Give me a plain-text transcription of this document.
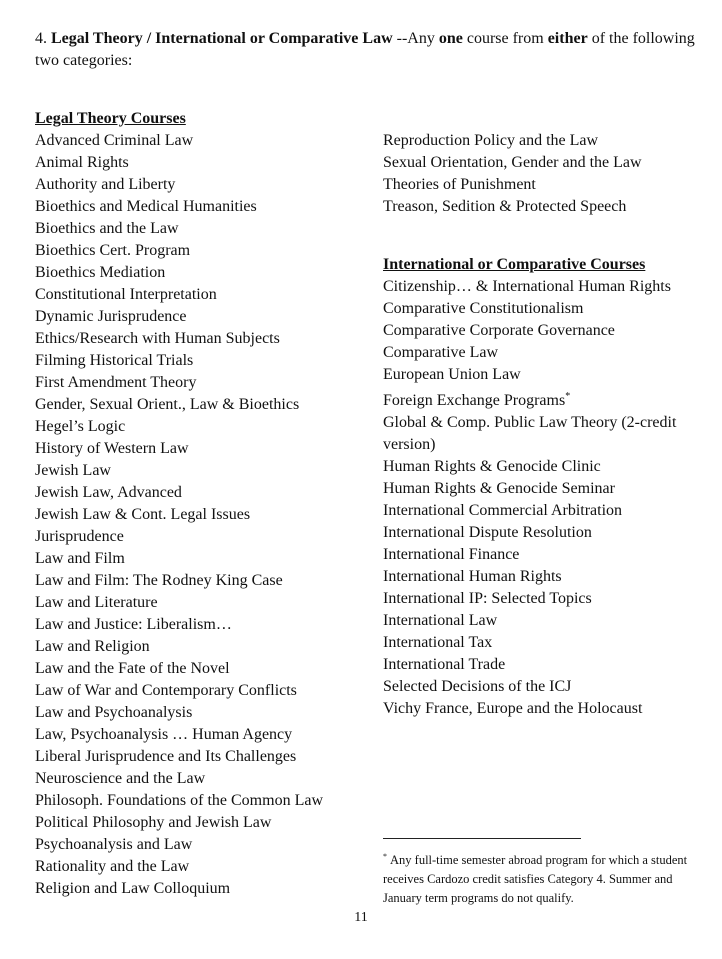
4. Legal Theory / International or Comparative Law --Any one course from either of the following two categories:
Legal Theory Courses
Advanced Criminal Law
Animal Rights
Authority and Liberty
Bioethics and Medical Humanities
Bioethics and the Law
Bioethics Cert. Program
Bioethics Mediation
Constitutional Interpretation
Dynamic Jurisprudence
Ethics/Research with Human Subjects
Filming Historical Trials
First Amendment Theory
Gender, Sexual Orient., Law & Bioethics
Hegel’s Logic
History of Western Law
Jewish Law
Jewish Law, Advanced
Jewish Law & Cont. Legal Issues
Jurisprudence
Law and Film
Law and Film: The Rodney King Case
Law and Literature
Law and Justice: Liberalism…
Law and Religion
Law and the Fate of the Novel
Law of War and Contemporary Conflicts
Law and Psychoanalysis
Law, Psychoanalysis … Human Agency
Liberal Jurisprudence and Its Challenges
Neuroscience and the Law
Philosoph. Foundations of the Common Law
Political Philosophy and Jewish Law
Psychoanalysis and Law
Rationality and the Law
Religion and Law Colloquium
Reproduction Policy and the Law
Sexual Orientation, Gender and the Law
Theories of Punishment
Treason, Sedition & Protected Speech
International or Comparative Courses
Citizenship… & International Human Rights
Comparative Constitutionalism
Comparative Corporate Governance
Comparative Law
European Union Law
Foreign Exchange Programs*
Global & Comp. Public Law Theory (2-credit version)
Human Rights & Genocide Clinic
Human Rights & Genocide Seminar
International Commercial Arbitration
International Dispute Resolution
International Finance
International Human Rights
International IP: Selected Topics
International Law
International Tax
International Trade
Selected Decisions of the ICJ
Vichy France, Europe and the Holocaust
* Any full-time semester abroad program for which a student receives Cardozo credit satisfies Category 4. Summer and January term programs do not qualify.
11
